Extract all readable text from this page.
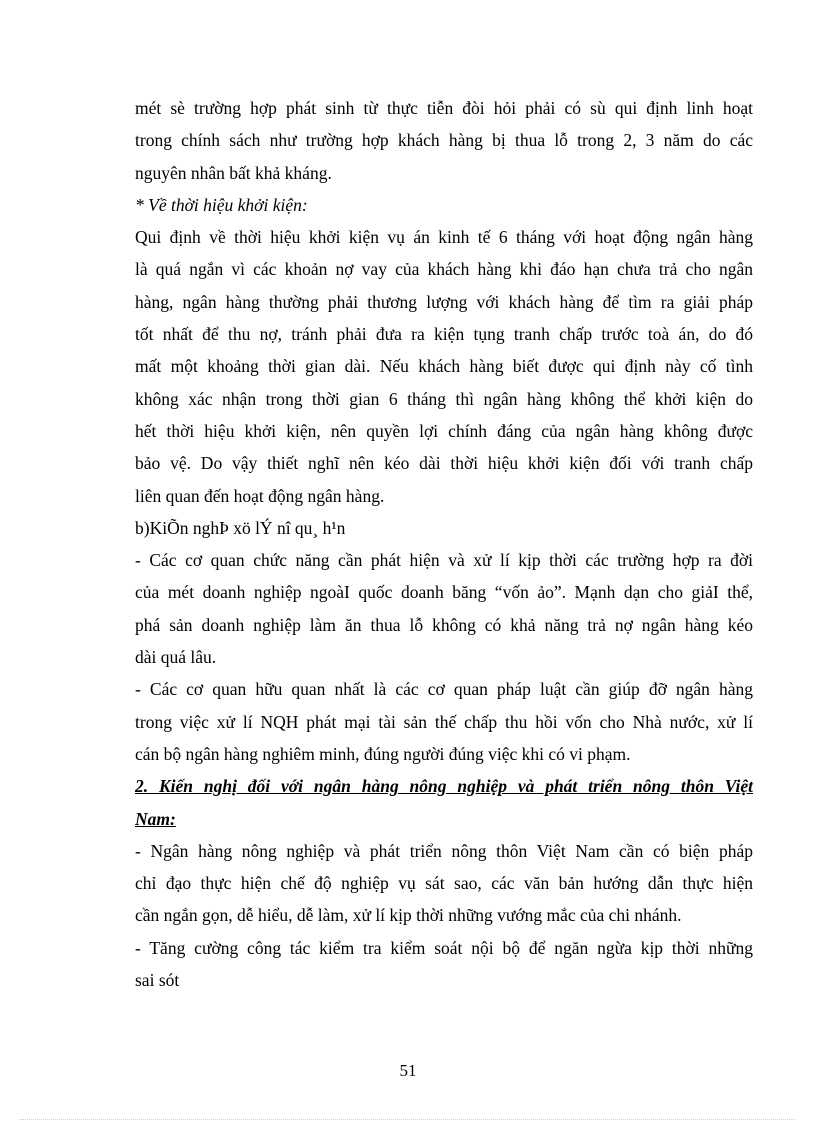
mét sè trường hợp phát sinh từ thực tiễn đòi hỏi phải có sù qui định linh hoạt
trong chính sách như trường hợp khách hàng bị thua lỗ trong 2, 3 năm do các
nguyên nhân bất khả kháng.
* Về thời hiệu khởi kiện:
Qui định về thời hiệu khởi kiện vụ án kinh tế 6 tháng với hoạt động ngân hàng
là quá ngắn vì các khoản nợ vay của khách hàng khi đáo hạn chưa trả cho ngân
hàng, ngân hàng thường phải thương lượng với khách hàng để tìm ra giải pháp
tốt nhất để thu nợ, tránh phải đưa ra kiện tụng tranh chấp trước toà án, do đó
mất một khoảng thời gian dài. Nếu khách hàng biết được qui định này cố tình
không xác nhận trong thời gian 6 tháng thì ngân hàng không thể khởi kiện do
hết thời hiệu khởi kiện, nên quyền lợi chính đáng của ngân hàng không được
bảo vệ. Do vậy thiết nghĩ nên kéo dài thời hiệu khởi kiện đối với tranh chấp
liên quan đến hoạt động ngân hàng.
b)KiÕn nghÞ xö lÝ nî qu¸ h¹n
- Các cơ quan chức năng cần phát hiện và xử lí kịp thời các trường hợp ra đời
của mét doanh nghiệp ngoàI quốc doanh băng “vốn ảo”. Mạnh dạn cho giảI thể,
phá sản doanh nghiệp làm ăn thua lỗ không có khả năng trả nợ ngân hàng kéo
dài quá lâu.
- Các cơ quan hữu quan nhất là các cơ quan pháp luật cần giúp đỡ ngân hàng
trong việc xử lí NQH phát mại tài sản thế chấp thu hồi vốn cho Nhà nước, xử lí
cán bộ ngân hàng nghiêm minh, đúng người đúng việc khi có vi phạm.
2. Kiến nghị đối với ngân hàng nông nghiệp và phát triển nông thôn Việt
Nam:
- Ngân hàng nông nghiệp và phát triển nông thôn Việt Nam cần có biện pháp
chỉ đạo thực hiện chế độ nghiệp vụ sát sao, các văn bản hướng dẫn thực hiện
cần ngắn gọn, dễ hiểu, dễ làm, xử lí kịp thời những vướng mắc của chi nhánh.
- Tăng cường công tác kiểm tra kiểm soát nội bộ để ngăn ngừa kịp thời những
sai sót
51
